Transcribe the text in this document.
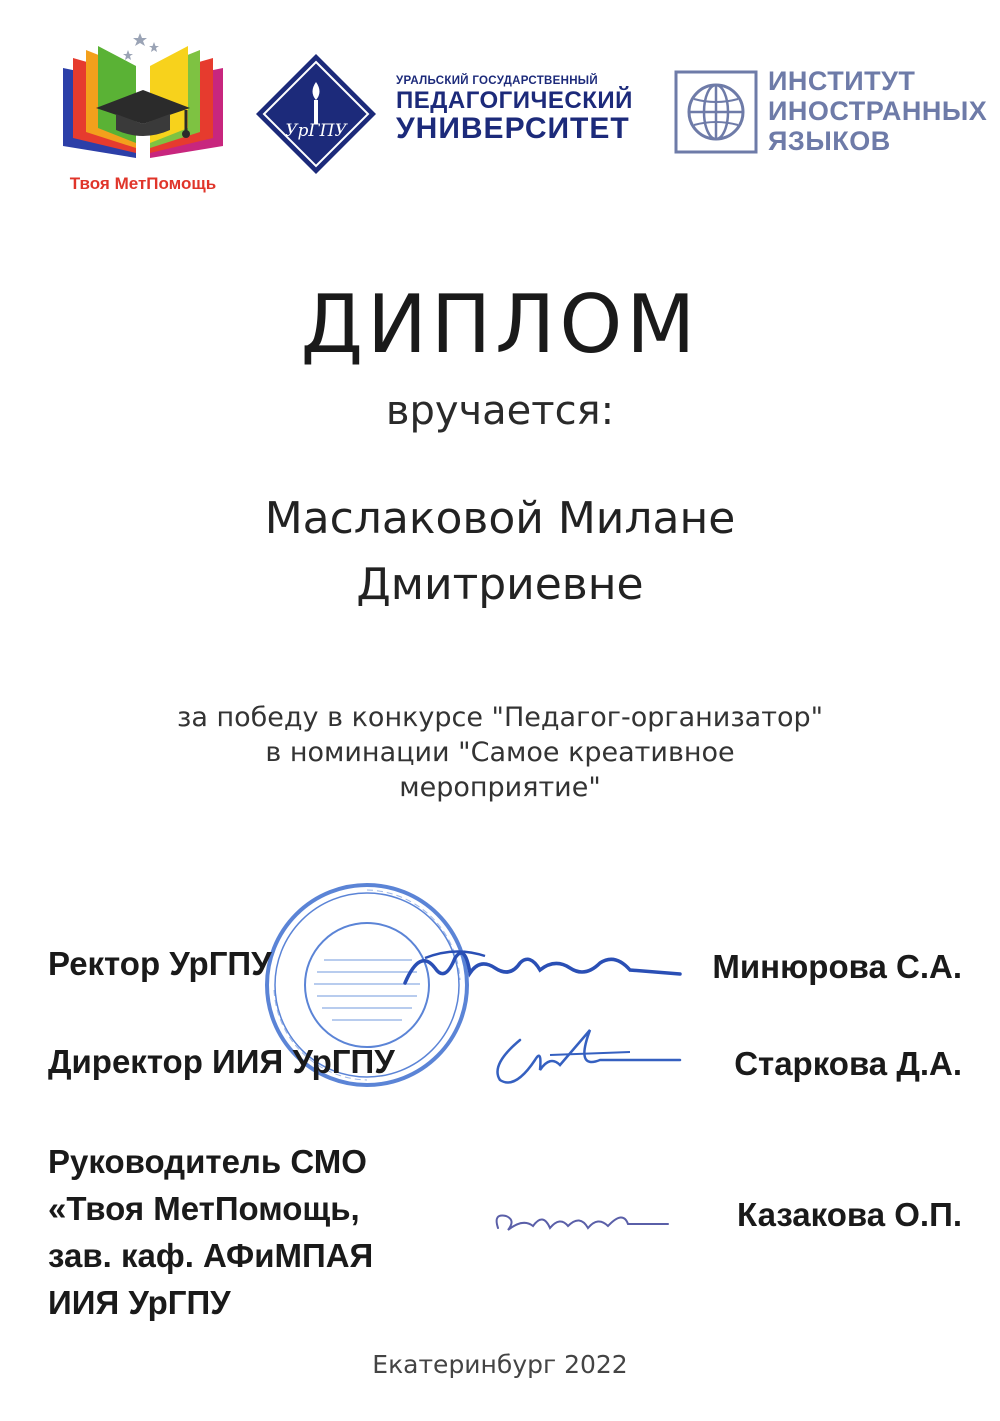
Твоя МетПомощь
УрГПУ
УРАЛЬСКИЙ ГОСУДАРСТВЕННЫЙ
ПЕДАГОГИЧЕСКИЙ
УНИВЕРСИТЕТ
ИНСТИТУТ
ИНОСТРАННЫХ
ЯЗЫКОВ
ДИПЛОМ
вручается:
Маслаковой Милане
Дмитриевне
за победу в конкурсе "Педагог-организатор"
в номинации "Самое креативное
мероприятие"
Ректор УрГПУ	Минюрова С.А.
Директор ИИЯ УрГПУ	Старкова Д.А.
Руководитель СМО
«Твоя МетПомощь,
зав. каф. АФиМПАЯ
ИИЯ УрГПУ
Казакова О.П.
Екатеринбург 2022
